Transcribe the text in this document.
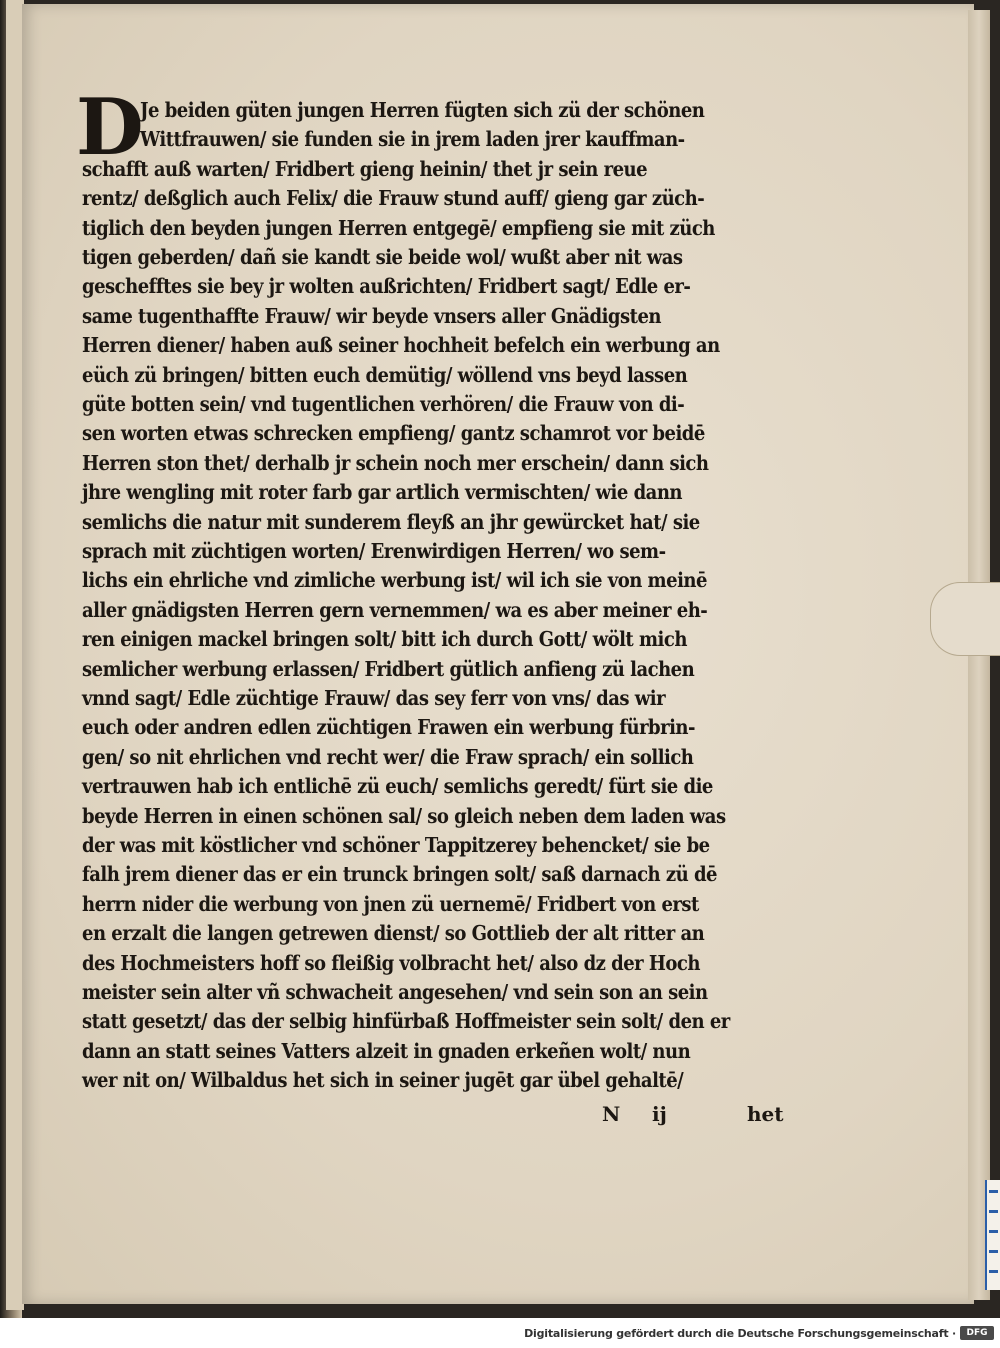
D
Je beiden güten jungen Herren fügten sich zü der schönen
Wittfrauwen/ sie funden sie in jrem laden jrer kauffman-
schafft auß warten/ Fridbert gieng heinin/ thet jr sein reue
rentz/ deßglich auch Felix/ die Frauw stund auff/ gieng gar züch-
tiglich den beyden jungen Herren entgegē/ empfieng sie mit züch
tigen geberden/ dañ sie kandt sie beide wol/ wußt aber nit was
geschefftes sie bey jr wolten außrichten/ Fridbert sagt/ Edle er-
same tugenthaffte Frauw/ wir beyde vnsers aller Gnädigsten
Herren diener/ haben auß seiner hochheit befelch ein werbung an
eüch zü bringen/ bitten euch demütig/ wöllend vns beyd lassen
güte botten sein/ vnd tugentlichen verhören/ die Frauw von di-
sen worten etwas schrecken empfieng/ gantz schamrot vor beidē
Herren ston thet/ derhalb jr schein noch mer erschein/ dann sich
jhre wengling mit roter farb gar artlich vermischten/ wie dann
semlichs die natur mit sunderem fleyß an jhr gewürcket hat/ sie
sprach mit züchtigen worten/ Erenwirdigen Herren/ wo sem-
lichs ein ehrliche vnd zimliche werbung ist/ wil ich sie von meinē
aller gnädigsten Herren gern vernemmen/ wa es aber meiner eh-
ren einigen mackel bringen solt/ bitt ich durch Gott/ wölt mich
semlicher werbung erlassen/ Fridbert gütlich anfieng zü lachen
vnnd sagt/ Edle züchtige Frauw/ das sey ferr von vns/ das wir
euch oder andren edlen züchtigen Frawen ein werbung fürbrin-
gen/ so nit ehrlichen vnd recht wer/ die Fraw sprach/ ein sollich
vertrauwen hab ich entlichē zü euch/ semlichs geredt/ fürt sie die
beyde Herren in einen schönen sal/ so gleich neben dem laden was
der was mit köstlicher vnd schöner Tappitzerey behencket/ sie be
falh jrem diener das er ein trunck bringen solt/ saß darnach zü dē
herrn nider die werbung von jnen zü uernemē/ Fridbert von erst
en erzalt die langen getrewen dienst/ so Gottlieb der alt ritter an
des Hochmeisters hoff so fleißig volbracht het/ also dz der Hoch
meister sein alter vñ schwacheit angesehen/ vnd sein son an sein
statt gesetzt/ das der selbig hinfürbaß Hoffmeister sein solt/ den er
dann an statt seines Vatters alzeit in gnaden erkeñen wolt/ nun
wer nit on/ Wilbaldus het sich in seiner jugēt gar übel gehaltē/
N ij	het
Digitalisierung gefördert durch die Deutsche Forschungsgemeinschaft ·	DFG
